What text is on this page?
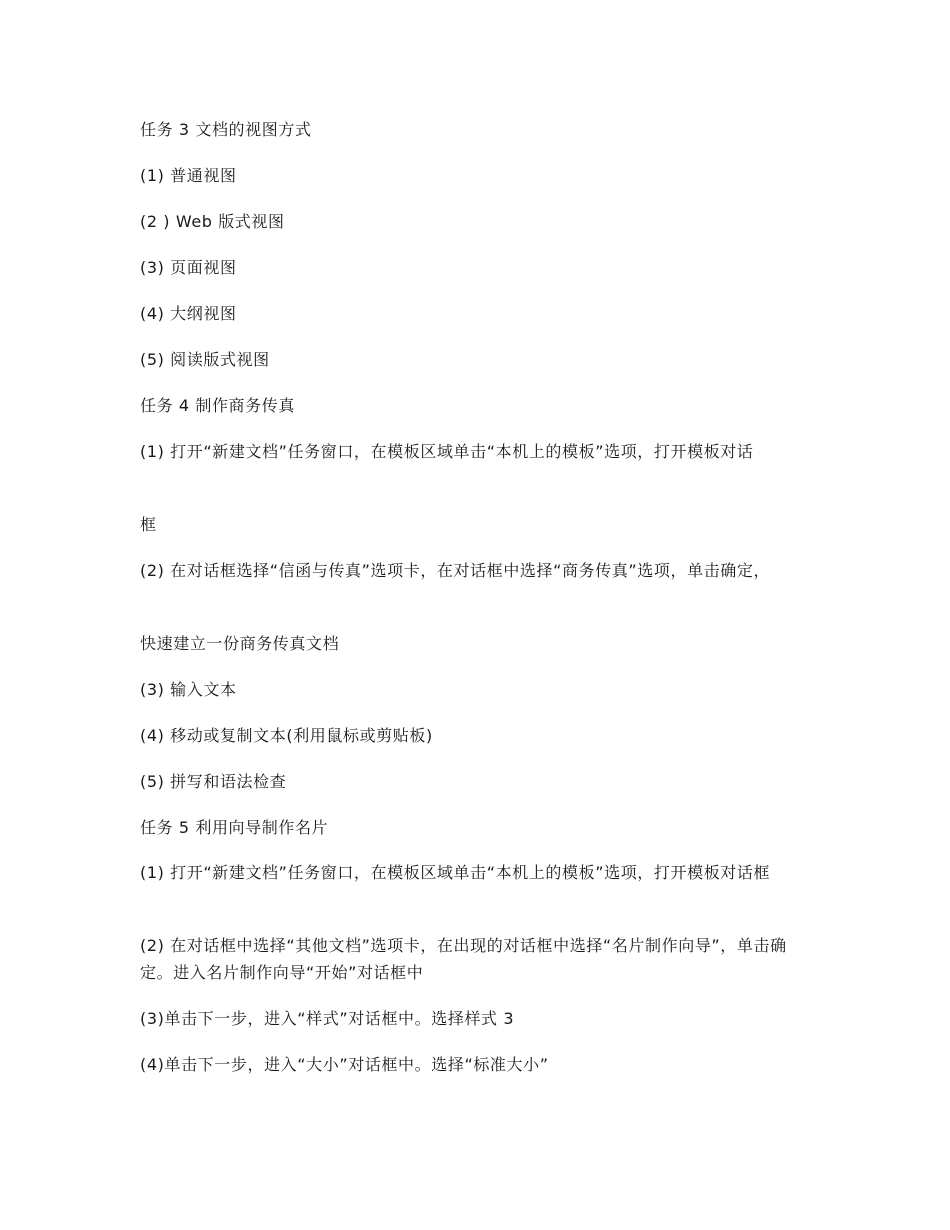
任务 3 文档的视图方式

(1) 普通视图

(2 ) Web 版式视图

(3) 页面视图

(4) 大纲视图

(5) 阅读版式视图

任务 4 制作商务传真

(1) 打开“新建文档”任务窗口，在模板区域单击“本机上的模板”选项，打开模板对话

框

(2) 在对话框选择“信函与传真”选项卡，在对话框中选择“商务传真”选项，单击确定，

快速建立一份商务传真文档

(3) 输入文本

(4) 移动或复制文本(利用鼠标或剪贴板)

(5) 拼写和语法检查

任务 5 利用向导制作名片

(1) 打开“新建文档”任务窗口，在模板区域单击“本机上的模板”选项，打开模板对话框

(2) 在对话框中选择“其他文档”选项卡，在出现的对话框中选择“名片制作向导”，单击确定。进入名片制作向导“开始”对话框中

(3)单击下一步，进入“样式”对话框中。选择样式 3

(4)单击下一步，进入“大小”对话框中。选择“标准大小”
